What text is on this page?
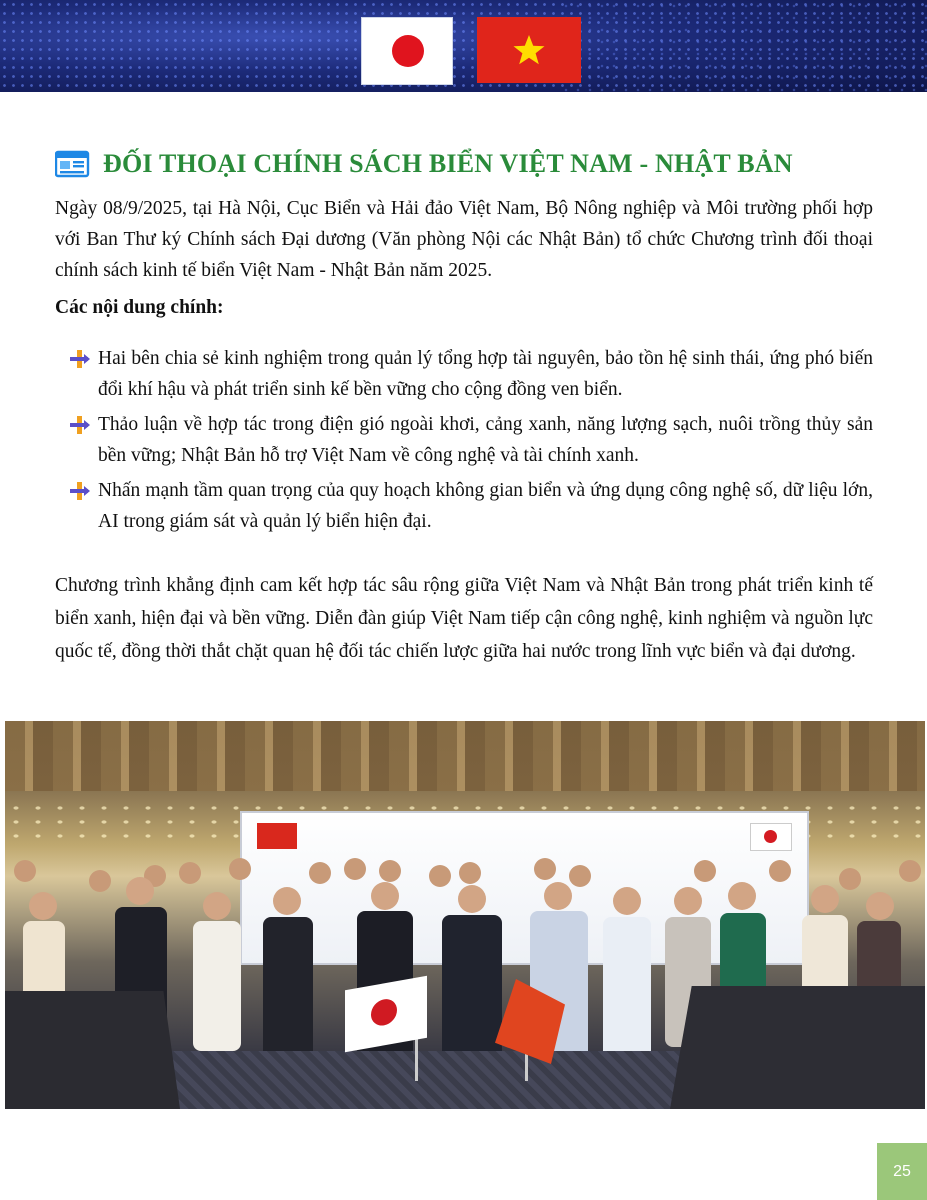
ĐỐI THOẠI CHÍNH SÁCH BIỂN VIỆT NAM - NHẬT BẢN

Ngày 08/9/2025, tại Hà Nội, Cục Biển và Hải đảo Việt Nam, Bộ Nông nghiệp và Môi trường phối hợp với Ban Thư ký Chính sách Đại dương (Văn phòng Nội các Nhật Bản) tổ chức Chương trình đối thoại chính sách kinh tế biển Việt Nam - Nhật Bản năm 2025.

Các nội dung chính:

Hai bên chia sẻ kinh nghiệm trong quản lý tổng hợp tài nguyên, bảo tồn hệ sinh thái, ứng phó biến đổi khí hậu và phát triển sinh kế bền vững cho cộng đồng ven biển.
Thảo luận về hợp tác trong điện gió ngoài khơi, cảng xanh, năng lượng sạch, nuôi trồng thủy sản bền vững; Nhật Bản hỗ trợ Việt Nam về công nghệ và tài chính xanh.
Nhấn mạnh tầm quan trọng của quy hoạch không gian biển và ứng dụng công nghệ số, dữ liệu lớn, AI trong giám sát và quản lý biển hiện đại.

Chương trình khẳng định cam kết hợp tác sâu rộng giữa Việt Nam và Nhật Bản trong phát triển kinh tế biển xanh, hiện đại và bền vững. Diễn đàn giúp Việt Nam tiếp cận công nghệ, kinh nghiệm và nguồn lực quốc tế, đồng thời thắt chặt quan hệ đối tác chiến lược giữa hai nước trong lĩnh vực biển và đại dương.

25
